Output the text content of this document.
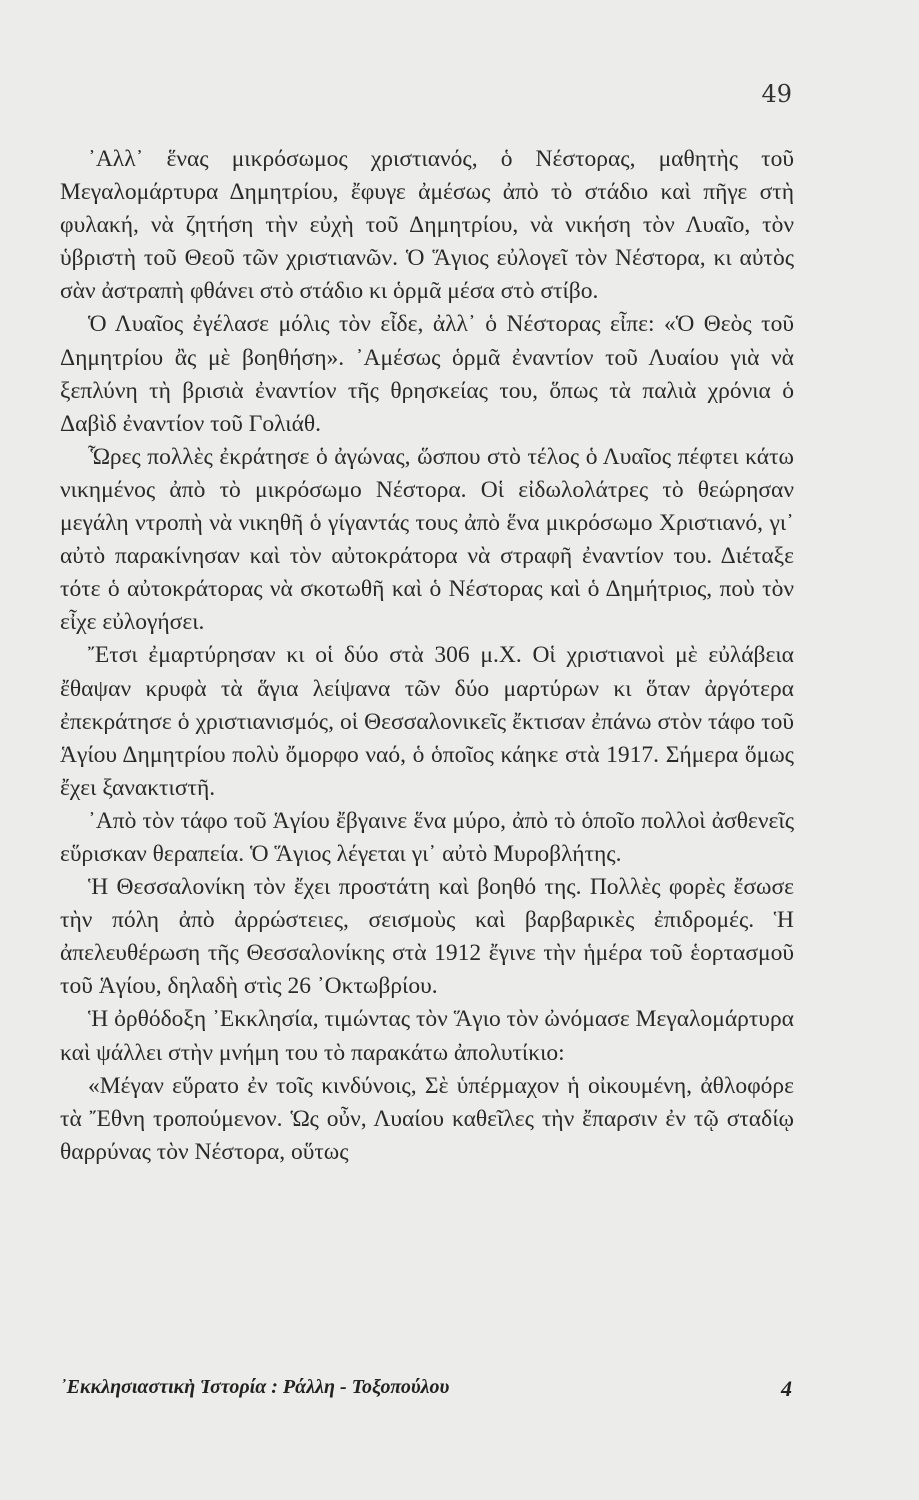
49

᾽Αλλ᾽ ἕνας μικρόσωμος χριστιανός, ὁ Νέστορας, μαθητὴς τοῦ Μεγαλομάρτυρα Δημητρίου, ἔφυγε ἀμέσως ἀπὸ τὸ στάδιο καὶ πῆγε στὴ φυλακή, νὰ ζητήση τὴν εὐχὴ τοῦ Δημητρίου, νὰ νικήση τὸν Λυαῖο, τὸν ὑβριστὴ τοῦ Θεοῦ τῶν χριστιανῶν. Ὁ Ἅγιος εὐλογεῖ τὸν Νέστορα, κι αὐτὸς σὰν ἀστραπὴ φθάνει στὸ στάδιο κι ὁρμᾶ μέσα στὸ στίβο.

Ὁ Λυαῖος ἐγέλασε μόλις τὸν εἶδε, ἀλλ᾽ ὁ Νέστορας εἶπε: «Ὁ Θεὸς τοῦ Δημητρίου ἂς μὲ βοηθήση». ᾽Αμέσως ὁρμᾶ ἐναντίον τοῦ Λυαίου γιὰ νὰ ξεπλύνη τὴ βρισιὰ ἐναντίον τῆς θρησκείας του, ὅπως τὰ παλιὰ χρόνια ὁ Δαβὶδ ἐναντίον τοῦ Γολιάθ.

Ὧρες πολλὲς ἐκράτησε ὁ ἀγώνας, ὥσπου στὸ τέλος ὁ Λυαῖος πέφτει κάτω νικημένος ἀπὸ τὸ μικρόσωμο Νέστορα. Οἱ εἰδωλολάτρες τὸ θεώρησαν μεγάλη ντροπὴ νὰ νικηθῆ ὁ γίγαντάς τους ἀπὸ ἕνα μικρόσωμο Χριστιανό, γι᾽ αὐτὸ παρακίνησαν καὶ τὸν αὐτοκράτορα νὰ στραφῆ ἐναντίον του. Διέταξε τότε ὁ αὐτοκράτορας νὰ σκοτωθῆ καὶ ὁ Νέστορας καὶ ὁ Δημήτριος, ποὺ τὸν εἶχε εὐλογήσει.

Ἔτσι ἐμαρτύρησαν κι οἱ δύο στὰ 306 μ.Χ. Οἱ χριστιανοὶ μὲ εὐλάβεια ἔθαψαν κρυφὰ τὰ ἅγια λείψανα τῶν δύο μαρτύρων κι ὅταν ἀργότερα ἐπεκράτησε ὁ χριστιανισμός, οἱ Θεσσαλονικεῖς ἔκτισαν ἐπάνω στὸν τάφο τοῦ Ἁγίου Δημητρίου πολὺ ὄμορφο ναό, ὁ ὁποῖος κάηκε στὰ 1917. Σήμερα ὅμως ἔχει ξανακτιστῆ.

᾽Απὸ τὸν τάφο τοῦ Ἁγίου ἔβγαινε ἕνα μύρο, ἀπὸ τὸ ὁποῖο πολλοὶ ἀσθενεῖς εὕρισκαν θεραπεία. Ὁ Ἅγιος λέγεται γι᾽ αὐτὸ Μυροβλήτης.

Ἡ Θεσσαλονίκη τὸν ἔχει προστάτη καὶ βοηθό της. Πολλὲς φορὲς ἔσωσε τὴν πόλη ἀπὸ ἀρρώστειες, σεισμοὺς καὶ βαρβαρικὲς ἐπιδρομές. Ἡ ἀπελευθέρωση τῆς Θεσσαλονίκης στὰ 1912 ἔγινε τὴν ἡμέρα τοῦ ἑορτασμοῦ τοῦ Ἁγίου, δηλαδὴ στὶς 26 ᾽Οκτωβρίου.

Ἡ ὀρθόδοξη ᾽Εκκλησία, τιμώντας τὸν Ἅγιο τὸν ὠνόμασε Μεγαλομάρτυρα καὶ ψάλλει στὴν μνήμη του τὸ παρακάτω ἀπολυτίκιο:

«Μέγαν εὕρατο ἐν τοῖς κινδύνοις, Σὲ ὑπέρμαχον ἡ οἰκουμένη, ἀθλοφόρε τὰ Ἔθνη τροπούμενον. Ὡς οὖν, Λυαίου καθεῖλες τὴν ἔπαρσιν ἐν τῷ σταδίῳ θαρρύνας τὸν Νέστορα, οὕτως

᾽Εκκλησιαστικὴ Ἱστορία : Ράλλη - Τοξοπούλου	4
